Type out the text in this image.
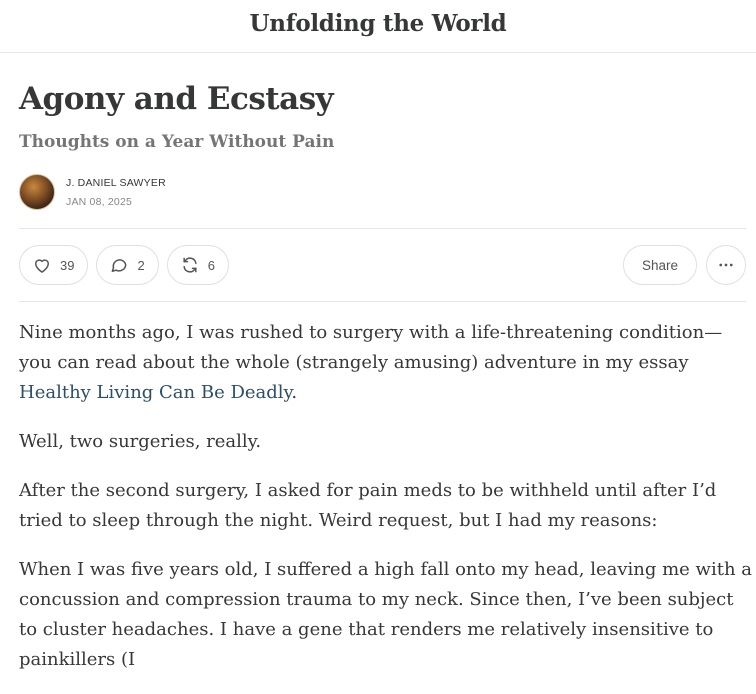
Unfolding the World
Agony and Ecstasy
Thoughts on a Year Without Pain
J. DANIEL SAWYER
JAN 08, 2025
39	2	6	Share

Nine months ago, I was rushed to surgery with a life-threatening condition—you can read about the whole (strangely amusing) adventure in my essay Healthy Living Can Be Deadly.

Well, two surgeries, really.

After the second surgery, I asked for pain meds to be withheld until after I’d tried to sleep through the night. Weird request, but I had my reasons:

When I was five years old, I suffered a high fall onto my head, leaving me with a concussion and compression trauma to my neck. Since then, I’ve been subject to cluster headaches. I have a gene that renders me relatively insensitive to painkillers (I
